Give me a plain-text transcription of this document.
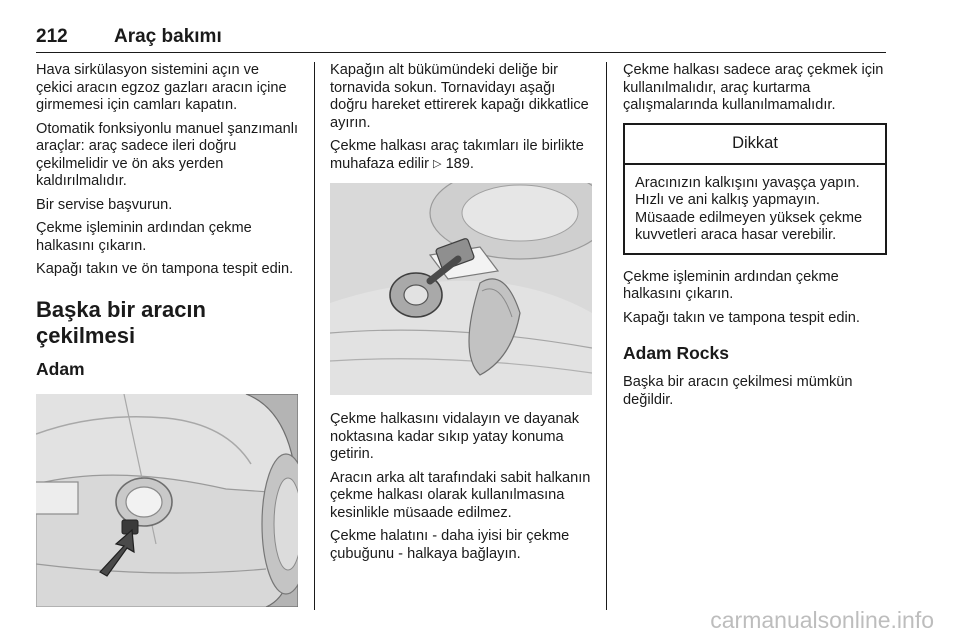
212 Araç bakımı

Hava sirkülasyon sistemini açın ve çekici aracın egzoz gazları aracın içine girmemesi için camları kapatın.

Otomatik fonksiyonlu manuel şanzımanlı araçlar: araç sadece ileri doğru çekilmelidir ve ön aks yerden kaldırılmalıdır.

Bir servise başvurun.

Çekme işleminin ardından çekme halkasını çıkarın.

Kapağı takın ve ön tampona tespit edin.

Başka bir aracın çekilmesi
Adam

Kapağın alt bükümündeki deliğe bir tornavida sokun. Tornavidayı aşağı doğru hareket ettirerek kapağı dikkatlice ayırın.

Çekme halkası araç takımları ile birlikte muhafaza edilir ▷ 189.

Çekme halkasını vidalayın ve dayanak noktasına kadar sıkıp yatay konuma getirin.

Aracın arka alt tarafındaki sabit halkanın çekme halkası olarak kullanılmasına kesinlikle müsaade edilmez.

Çekme halatını - daha iyisi bir çekme çubuğunu - halkaya bağlayın.

Çekme halkası sadece araç çekmek için kullanılmalıdır, araç kurtarma çalışmalarında kullanılmamalıdır.

Dikkat

Aracınızın kalkışını yavaşça yapın. Hızlı ve ani kalkış yapmayın. Müsaade edilmeyen yüksek çekme kuvvetleri araca hasar verebilir.

Çekme işleminin ardından çekme halkasını çıkarın.

Kapağı takın ve tampona tespit edin.

Adam Rocks

Başka bir aracın çekilmesi mümkün değildir.

carmanualsonline.info
